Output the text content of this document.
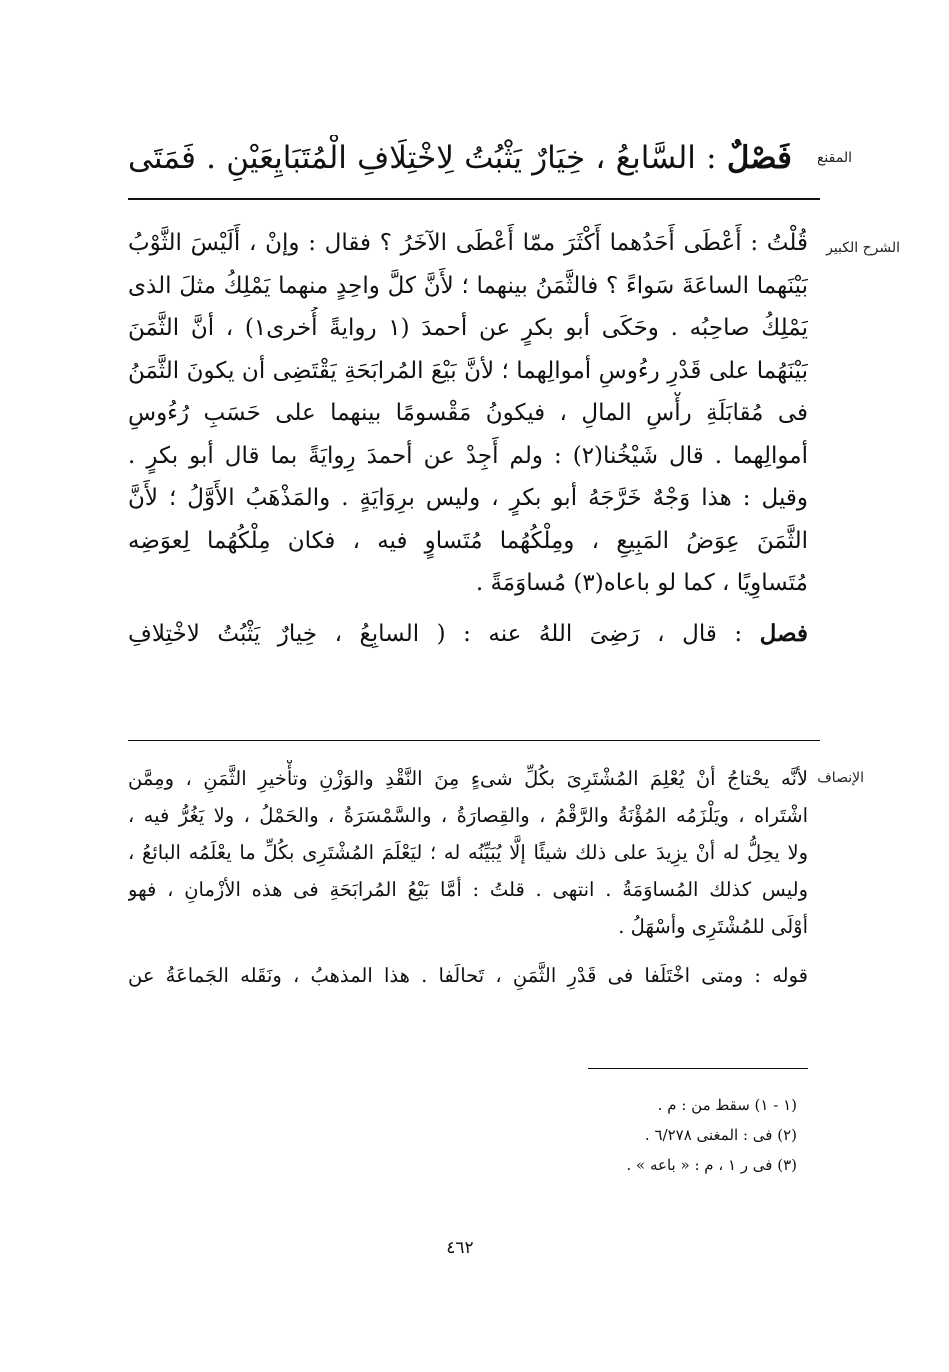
المقنع
الشرح الكبير
الإنصاف
فَصْلٌ : السَّابعُ ، خِيَارٌ يَثْبُتُ لِاخْتِلَافِ الْمُتَبَايِعَيْنِ . فَمَتَى
قُلْتُ : أَعْطَى أَحَدُهما أَكْثَرَ ممّا أَعْطَى الآخَرُ ؟ فقال : وإنْ ، أَلَيْسَ الثَّوْبُ
بَيْنَهما الساعَةَ سَواءً ؟ فالثَّمَنُ بينهما ؛ لأَنَّ كلَّ واحِدٍ منهما يَمْلِكُ مثلَ الذى
يَمْلِكُ صاحِبُه . وحَكَى أبو بكرٍ عن أحمدَ (١ روايةً أُخرى١) ، أنَّ الثَّمَنَ
بَيْنَهُما على قَدْرِ رءُوسِ أموالِهما ؛ لأنَّ بَيْعَ المُرابَحَةِ يَقْتَضِى أن يكونَ الثَّمَنُ
فى مُقابَلَةِ رأْسِ المالِ ، فيكونُ مَقْسومًا بينهما على حَسَبِ رُءُوسِ
أموالِهما . قال شَيْخُنا(٢) : ولم أَجِدْ عن أحمدَ رِوايَةً بما قال أبو بكرٍ .
وقيل : هذا وَجْهٌ خَرَّجَهُ أبو بكرٍ ، وليس برِوَايَةٍ . والمَذْهَبُ الأَوَّلُ ؛ لأَنَّ
الثَّمَنَ عِوَضُ المَبِيعِ ، ومِلْكُهُما مُتَساوٍ فيه ، فكان مِلْكُهُما لِعوَضِه
مُتَساوِيًا ، كما لو باعاه(٣) مُساوَمَةً .
فصل : قال ، رَضِىَ اللهُ عنه : ( السابِعُ ، خِيارٌ يَثْبُتُ لاخْتِلافِ
لأنَّه يحْتاجُ أنْ يُعْلِمَ المُشْتَرِىَ بكُلِّ شىءٍ مِنَ النَّقْدِ والوَزْنِ وتأْخيرِ الثَّمَنِ ، ومِمَّن
اشْتَراه ، ويَلْزَمُه المُؤْنَةُ والرَّقْمُ ، والقِصارَةُ ، والسَّمْسَرَةُ ، والحَمْلُ ، ولا يَغُرُّ فيه ،
ولا يحِلُّ له أنْ يزِيدَ على ذلك شيئًا إلَّا يُبَيِّنُه له ؛ ليَعْلَمَ المُشْتَرِى بكُلِّ ما يعْلَمُه البائعُ ،
وليس كذلك المُساوَمَةُ . انتهى . قلتُ : أمَّا بَيْعُ المُرابَحَةِ فى هذه الأزْمانِ ، فهو
أوْلَى للمُشْتَرِى وأسْهَلُ .
قوله : ومتى اخْتَلَفا فى قَدْرِ الثَّمَنِ ، تَحالَفا . هذا المذهبُ ، ونَقَله الجَماعَةُ عن
(١ - ١) سقط من : م .
(٢) فى : المغنى ٦/٢٧٨ .
(٣) فى ر ١ ، م : « باعه » .
٤٦٢
